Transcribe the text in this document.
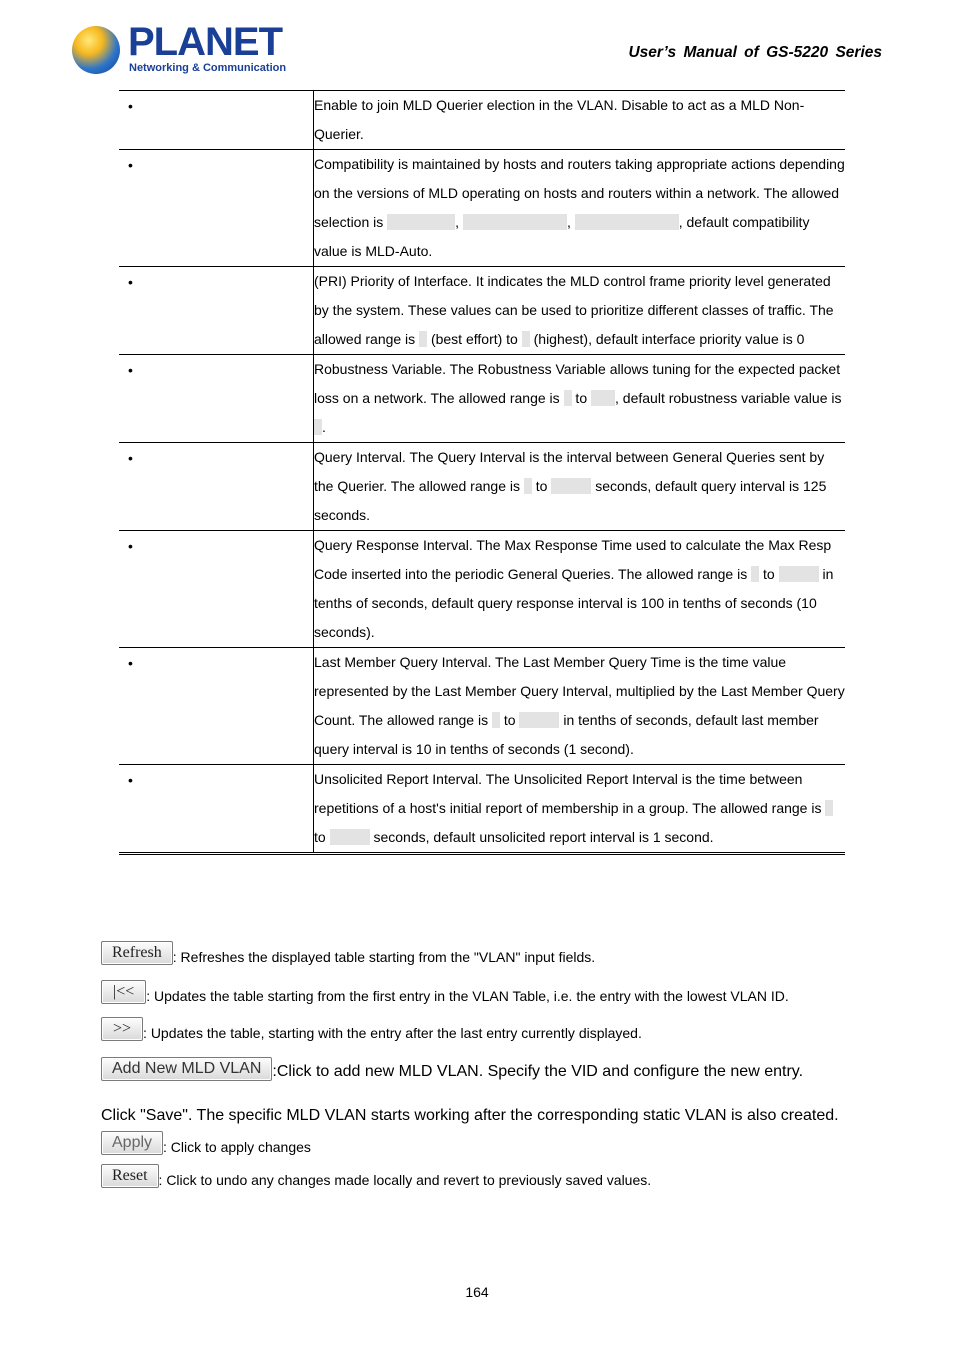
PLANET
Networking & Communication
User’s Manual of GS-5220 Series
•	Enable to join MLD Querier election in the VLAN. Disable to act as a MLD Non-Querier.

•	Compatibility is maintained by hosts and routers taking appropriate actions depending on the versions of MLD operating on hosts and routers within a network. The allowed selection is , , , default compatibility value is MLD-Auto.

•	(PRI) Priority of Interface. It indicates the MLD control frame priority level generated by the system. These values can be used to prioritize different classes of traffic. The allowed range is  (best effort) to  (highest), default interface priority value is 0

•	Robustness Variable. The Robustness Variable allows tuning for the expected packet loss on a network. The allowed range is  to , default robustness variable value is .

•	Query Interval. The Query Interval is the interval between General Queries sent by the Querier. The allowed range is  to seconds, default query interval is 125 seconds.

•	Query Response Interval. The Max Response Time used to calculate the Max Resp Code inserted into the periodic General Queries. The allowed range is  to in tenths of seconds, default query response interval is 100 in tenths of seconds (10 seconds).

•	Last Member Query Interval. The Last Member Query Time is the time value represented by the Last Member Query Interval, multiplied by the Last Member Query Count. The allowed range is  to in tenths of seconds, default last member query interval is 10 in tenths of seconds (1 second).

•	Unsolicited Report Interval. The Unsolicited Report Interval is the time between repetitions of a host's initial report of membership in a group. The allowed range is  to seconds, default unsolicited report interval is 1 second.
Refresh : Refreshes the displayed table starting from the "VLAN" input fields.
|<< : Updates the table starting from the first entry in the VLAN Table, i.e. the entry with the lowest VLAN ID.
>> : Updates the table, starting with the entry after the last entry currently displayed.
Add New MLD VLAN :Click to add new MLD VLAN. Specify the VID and configure the new entry.
Click "Save". The specific MLD VLAN starts working after the corresponding static VLAN is also created.
Apply : Click to apply changes
Reset : Click to undo any changes made locally and revert to previously saved values.
164
